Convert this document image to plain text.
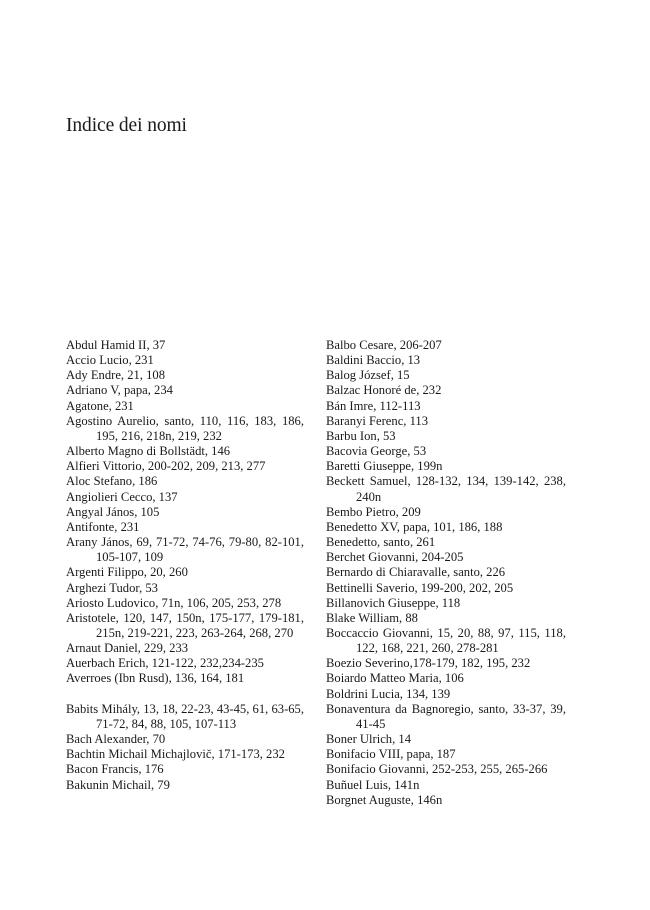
Indice dei nomi
Abdul Hamid II, 37
Accio Lucio, 231
Ady Endre, 21, 108
Adriano V, papa, 234
Agatone, 231
Agostino Aurelio, santo, 110, 116, 183, 186, 195, 216, 218n, 219, 232
Alberto Magno di Bollstädt, 146
Alfieri Vittorio, 200-202, 209, 213, 277
Aloc Stefano, 186
Angiolieri Cecco, 137
Angyal János, 105
Antifonte, 231
Arany János, 69, 71-72, 74-76, 79-80, 82-101, 105-107, 109
Argenti Filippo, 20, 260
Arghezi Tudor, 53
Ariosto Ludovico, 71n, 106, 205, 253, 278
Aristotele, 120, 147, 150n, 175-177, 179-181, 215n, 219-221, 223, 263-264, 268, 270
Arnaut Daniel, 229, 233
Auerbach Erich, 121-122, 232,234-235
Averroes (Ibn Rusd), 136, 164, 181
Babits Mihály, 13, 18, 22-23, 43-45, 61, 63-65, 71-72, 84, 88, 105, 107-113
Bach Alexander, 70
Bachtin Michail Michajlovič, 171-173, 232
Bacon Francis, 176
Bakunin Michail, 79
Balbo Cesare, 206-207
Baldini Baccio, 13
Balog József, 15
Balzac Honoré de, 232
Bán Imre, 112-113
Baranyi Ferenc, 113
Barbu Ion, 53
Bacovia George, 53
Baretti Giuseppe, 199n
Beckett Samuel, 128-132, 134, 139-142, 238, 240n
Bembo Pietro, 209
Benedetto XV, papa, 101, 186, 188
Benedetto, santo, 261
Berchet Giovanni, 204-205
Bernardo di Chiaravalle, santo, 226
Bettinelli Saverio, 199-200, 202, 205
Billanovich Giuseppe, 118
Blake William, 88
Boccaccio Giovanni, 15, 20, 88, 97, 115, 118, 122, 168, 221, 260, 278-281
Boezio Severino,178-179, 182, 195, 232
Boiardo Matteo Maria, 106
Boldrini Lucia, 134, 139
Bonaventura da Bagnoregio, santo, 33-37, 39, 41-45
Boner Ulrich, 14
Bonifacio VIII, papa, 187
Bonifacio Giovanni, 252-253, 255, 265-266
Buñuel Luis, 141n
Borgnet Auguste, 146n
